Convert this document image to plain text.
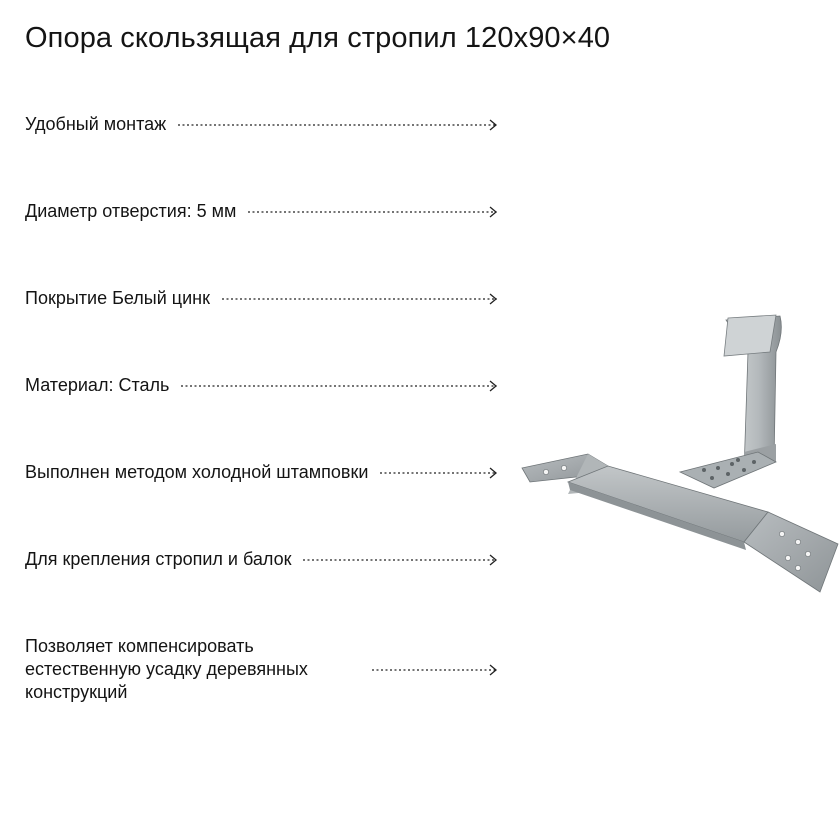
Опора скользящая для стропил 120x90×40
Удобный монтаж
Диаметр отверстия: 5 мм
Покрытие Белый цинк
Материал: Сталь
Выполнен методом холодной штамповки
Для крепления стропил и балок
Позволяет компенсировать естественную усадку деревянных конструкций
